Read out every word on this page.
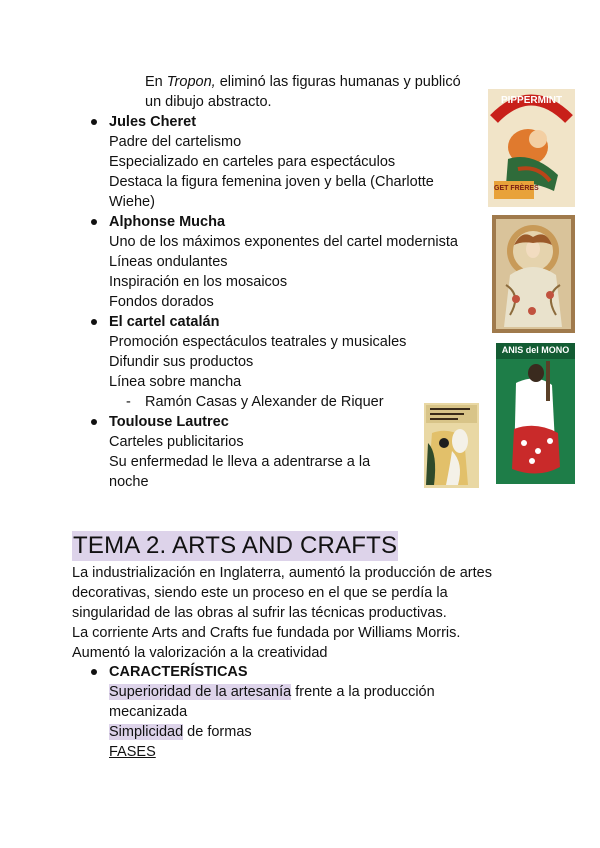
En Tropon, eliminó las figuras humanas y publicó
un dibujo abstracto.
Jules Cheret
Padre del cartelismo
Especializado en carteles para espectáculos
Destaca la figura femenina joven y bella (Charlotte
Wiehe)
Alphonse Mucha
Uno de los máximos exponentes del cartel modernista
Líneas ondulantes
Inspiración en los mosaicos
Fondos dorados
El cartel catalán
Promoción espectáculos teatrales y musicales
Difundir sus productos
Línea sobre mancha
- Ramón Casas y Alexander de Riquer
Toulouse Lautrec
Carteles publicitarios
Su enfermedad le lleva a adentrarse a la
noche
PIPPERMINT
GET FRÈRES
ANIS del MONO
TEMA 2. ARTS AND CRAFTS
La industrialización en Inglaterra, aumentó la producción de artes
decorativas, siendo este un proceso en el que se perdía la
singularidad de las obras al sufrir las técnicas productivas.
La corriente Arts and Crafts fue fundada por Williams Morris.
Aumentó la valorización a la creatividad
CARACTERÍSTICAS
Superioridad de la artesanía frente a la producción
mecanizada
Simplicidad de formas
FASES
